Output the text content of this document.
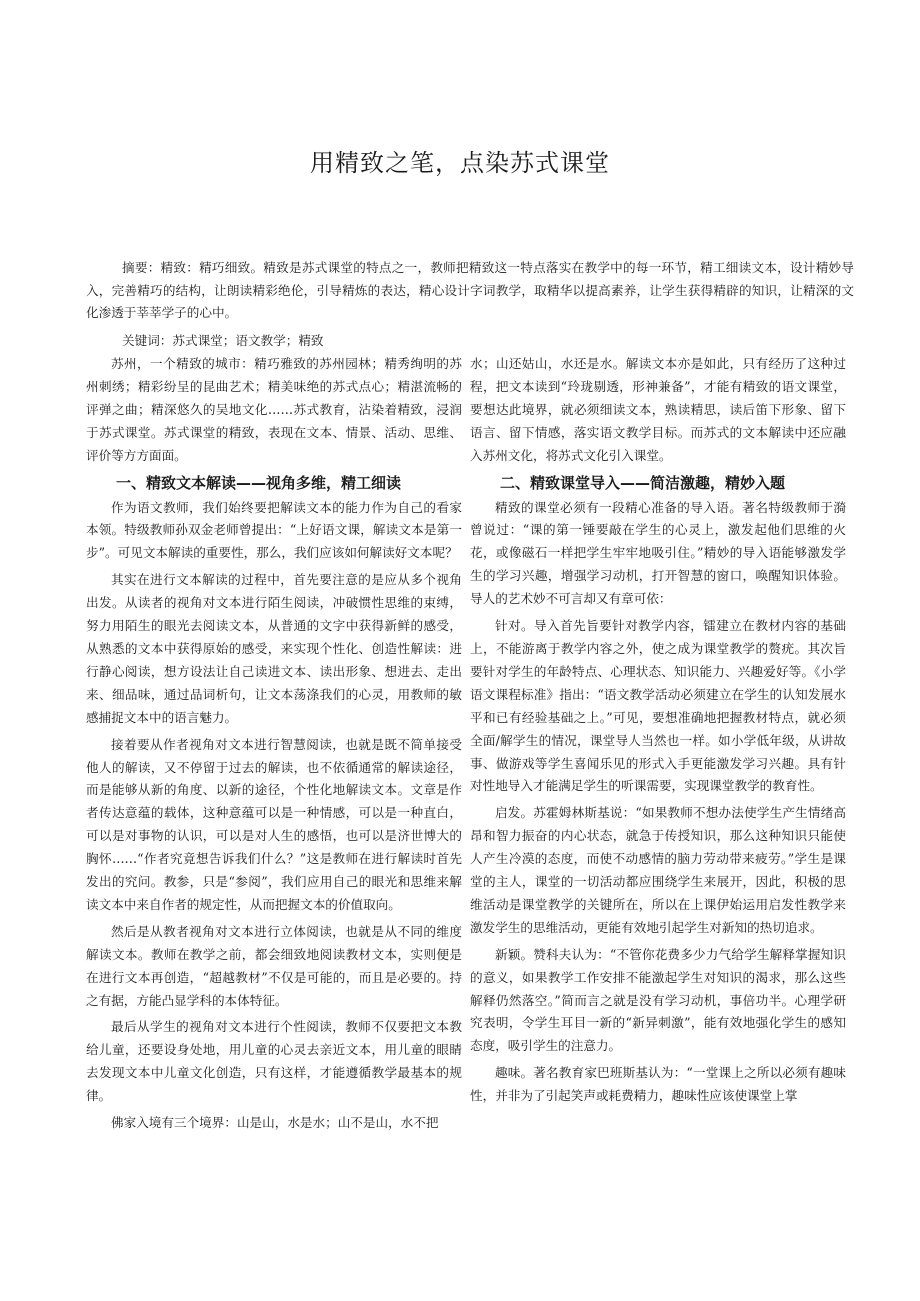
用精致之笔，点染苏式课堂

摘要：精致：精巧细致。精致是苏式课堂的特点之一，教师把精致这一特点落实在教学中的每一环节，精工细读文本，设计精妙导入，完善精巧的结构，让朗读精彩绝伦，引导精炼的表达，精心设计字词教学，取精华以提高素养，让学生获得精辟的知识，让精深的文化渗透于莘莘学子的心中。

关键词：苏式课堂；语文教学；精致

苏州，一个精致的城市：精巧雅致的苏州园林；精秀绚明的苏州刺绣；精彩纷呈的昆曲艺术；精美味绝的苏式点心；精湛流畅的评弹之曲；精深悠久的吴地文化……苏式教育，沾染着精致，浸润于苏式课堂。苏式课堂的精致，表现在文本、情景、活动、思维、评价等方方面面。

一、精致文本解读——视角多维，精工细读

作为语文教师，我们始终要把解读文本的能力作为自己的看家本领。特级教师孙双金老师曾提出：“上好语文课，解读文本是第一步”。可见文本解读的重要性，那么，我们应该如何解读好文本呢？

其实在进行文本解读的过程中，首先要注意的是应从多个视角出发。从读者的视角对文本进行陌生阅读，冲破惯性思维的束缚，努力用陌生的眼光去阅读文本，从普通的文字中获得新鲜的感受，从熟悉的文本中获得原始的感受，来实现个性化、创造性解读：进行静心阅读，想方设法让自己读进文本、读出形象、想进去、走出来、细品味，通过品词析句，让文本荡涤我们的心灵，用教师的敏感捕捉文本中的语言魅力。

接着要从作者视角对文本进行智慧阅读，也就是既不简单接受他人的解读，又不停留于过去的解读，也不依循通常的解读途径，而是能够从新的角度、以新的途径，个性化地解读文本。文章是作者传达意蕴的载体，这种意蕴可以是一种情感，可以是一种直白，可以是对事物的认识，可以是对人生的感悟，也可以是济世博大的胸怀……“作者究竟想告诉我们什么？”这是教师在进行解读时首先发出的究问。教参，只是“参阅”，我们应用自己的眼光和思维来解读文本中来自作者的规定性，从而把握文本的价值取向。

然后是从教者视角对文本进行立体阅读，也就是从不同的维度解读文本。教师在教学之前，都会细致地阅读教材文本，实则便是在进行文本再创造，“超越教材”不仅是可能的，而且是必要的。持之有据，方能凸显学科的本体特征。

最后从学生的视角对文本进行个性阅读，教师不仅要把文本教给儿童，还要设身处地，用儿童的心灵去亲近文本，用儿童的眼睛去发现文本中儿童文化创造，只有这样，才能遵循教学最基本的规律。

佛家入境有三个境界：山是山，水是水；山不是山，水不把

水；山还姑山，水还是水。解读文本亦是如此，只有经历了这种过程，把文本读到“玲珑剔透，形神兼备”，才能有精致的语文课堂，要想达此境界，就必须细读文本，熟读精思，读后笛下形象、留下语言、留下情感，落实语文教学目标。而苏式的文本解读中还应融入苏州文化，将苏式文化引入课堂。

二、精致课堂导入——简洁激趣，精妙入题

精致的课堂必须有一段精心准备的导入语。著名特级教师于漪曾说过：“课的第一锤要敲在学生的心灵上，激发起他们思维的火花，或像磁石一样把学生牢牢地吸引住。”精妙的导入语能够激发学生的学习兴趣，增强学习动机，打开智慧的窗口，唤醒知识体验。导人的艺术妙不可言却又有章可依：

针对。导入首先旨要针对教学内容，镭建立在教材内容的基础上，不能游离于教学内容之外，使之成为课堂教学的赘疣。其次旨要针对学生的年龄特点、心理状态、知识能力、兴趣爱好等。《小学语文课程标准》指出：“语文教学活动必须建立在学生的认知发展水平和已有经验基础之上。”可见，要想准确地把握教材特点，就必须全面/解学生的情况，课堂导人当然也一样。如小学低年级，从讲故事、做游戏等学生喜闻乐见的形式入手更能激发学习兴趣。具有针对性地导入才能满足学生的听课需要，实现课堂教学的教育性。

启发。苏霍姆林斯基说：“如果教师不想办法使学生产生情绪高昂和智力振奋的内心状态，就急于传授知识，那么这种知识只能使人产生冷漠的态度，而使不动感情的脑力劳动带来疲劳。”学生是课堂的主人，课堂的一切活动都应围绕学生来展开，因此，积极的思维活动是课堂教学的关键所在，所以在上课伊始运用启发性教学来激发学生的思维活动，更能有效地引起学生对新知的热切追求。

新颖。赞科夫认为：“不管你花费多少力气给学生解释掌握知识的意义，如果教学工作安排不能激起学生对知识的渴求，那么这些解释仍然落空。”简而言之就是没有学习动机，事倍功半。心理学研究表明，令学生耳目一新的“新异刺激”，能有效地强化学生的感知态度，吸引学生的注意力。

趣味。著名教育家巴班斯基认为：“一堂课上之所以必须有趣味性，并非为了引起笑声或耗费精力，趣味性应该使课堂上掌
